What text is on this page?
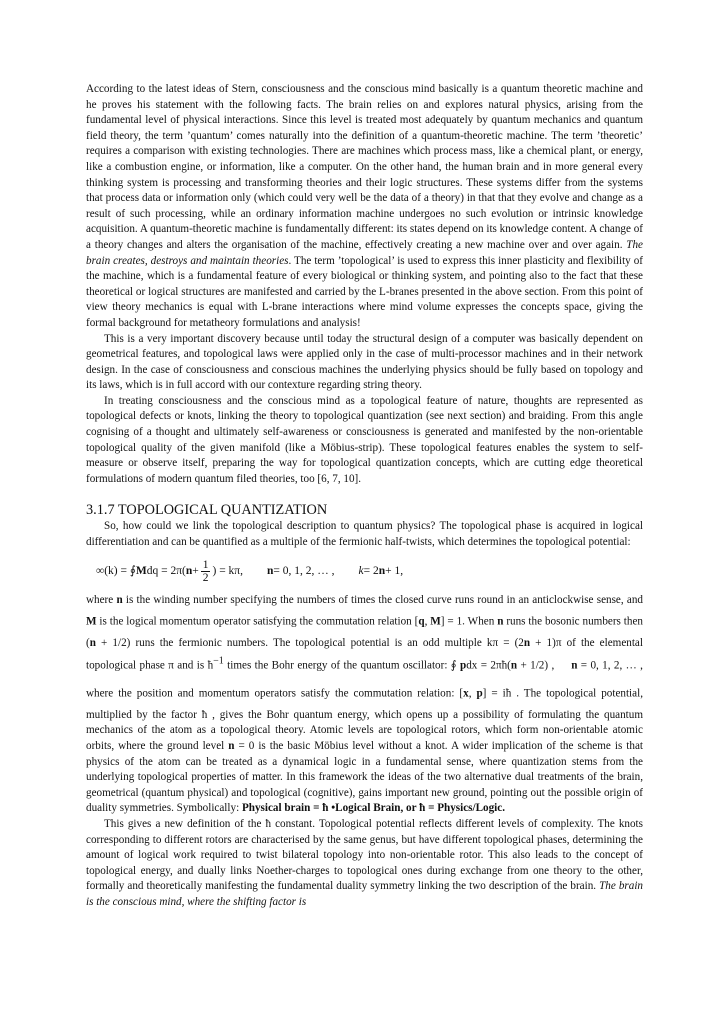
According to the latest ideas of Stern, consciousness and the conscious mind basically is a quantum theoretic machine and he proves his statement with the following facts. The brain relies on and explores natural physics, arising from the fundamental level of physical interactions. Since this level is treated most adequately by quantum mechanics and quantum field theory, the term ’quantum’ comes naturally into the definition of a quantum-theoretic machine. The term ’theoretic’ requires a comparison with existing technologies. There are machines which process mass, like a chemical plant, or energy, like a combustion engine, or information, like a computer. On the other hand, the human brain and in more general every thinking system is processing and transforming theories and their logic structures. These systems differ from the systems that process data or information only (which could very well be the data of a theory) in that that they evolve and change as a result of such processing, while an ordinary information machine undergoes no such evolution or intrinsic knowledge acquisition. A quantum-theoretic machine is fundamentally different: its states depend on its knowledge content. A change of a theory changes and alters the organisation of the machine, effectively creating a new machine over and over again. The brain creates, destroys and maintain theories. The term ’topological’ is used to express this inner plasticity and flexibility of the machine, which is a fundamental feature of every biological or thinking system, and pointing also to the fact that these theoretical or logical structures are manifested and carried by the L-branes presented in the above section. From this point of view theory mechanics is equal with L-brane interactions where mind volume expresses the concepts space, giving the formal background for metatheory formulations and analysis!

This is a very important discovery because until today the structural design of a computer was basically dependent on geometrical features, and topological laws were applied only in the case of multi-processor machines and in their network design. In the case of consciousness and conscious machines the underlying physics should be fully based on topology and its laws, which is in full accord with our contexture regarding string theory.

In treating consciousness and the conscious mind as a topological feature of nature, thoughts are represented as topological defects or knots, linking the theory to topological quantization (see next section) and braiding. From this angle cognising of a thought and ultimately self-awareness or consciousness is generated and manifested by the non-orientable topological quality of the given manifold (like a Möbius-strip). These topological features enables the system to self-measure or observe itself, preparing the way for topological quantization concepts, which are cutting edge theoretical formulations of modern quantum filed theories, too [6, 7, 10].

3.1.7 TOPOLOGICAL QUANTIZATION

So, how could we link the topological description to quantum physics? The topological phase is acquired in logical differentiation and can be quantified as a multiple of the fermionic half-twists, which determines the topological potential:

∞(k) = ∮ M dq = 2π( $n + \frac{1}{2}$ ) = kπ, n = 0, 1, 2, … , k = 2 n + 1,

where n is the winding number specifying the numbers of times the closed curve runs round in an anticlockwise sense, and M is the logical momentum operator satisfying the commutation relation [q, M] = 1. When n runs the bosonic numbers then (n + 1/2) runs the fermionic numbers. The topological potential is an odd multiple kπ = (2n + 1)π of the elemental topological phase π and is ħ−1 times the Bohr energy of the quantum oscillator: ∮ pdx = 2πħ(n + 1/2) , n = 0, 1, 2, … , where the position and momentum operators satisfy the commutation relation: [x, p] = iħ . The topological potential, multiplied by the factor ħ , gives the Bohr quantum energy, which opens up a possibility of formulating the quantum mechanics of the atom as a topological theory. Atomic levels are topological rotors, which form non-orientable atomic orbits, where the ground level n = 0 is the basic Möbius level without a knot. A wider implication of the scheme is that physics of the atom can be treated as a dynamical logic in a fundamental sense, where quantization stems from the underlying topological properties of matter. In this framework the ideas of the two alternative dual treatments of the brain, geometrical (quantum physical) and topological (cognitive), gains important new ground, pointing out the possible origin of duality symmetries. Symbolically: Physical brain = ħ •Logical Brain, or ħ = Physics/Logic.

This gives a new definition of the ħ constant. Topological potential reflects different levels of complexity. The knots corresponding to different rotors are characterised by the same genus, but have different topological phases, determining the amount of logical work required to twist bilateral topology into non-orientable rotor. This also leads to the concept of topological energy, and dually links Noether-charges to topological ones during exchange from one theory to the other, formally and theoretically manifesting the fundamental duality symmetry linking the two description of the brain. The brain is the conscious mind, where the shifting factor is
